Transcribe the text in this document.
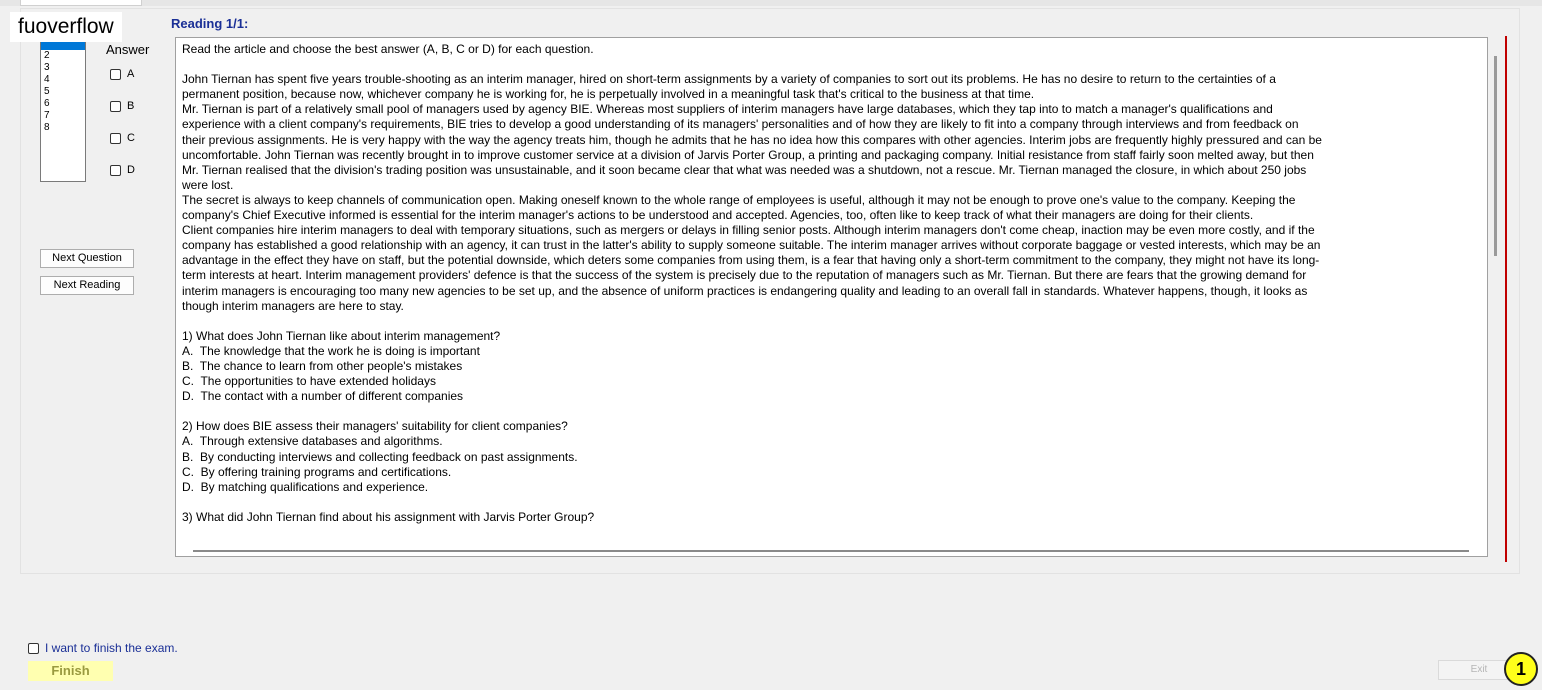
fuoverflow
Answer
2
3
4
5
6
7
8
A
B
C
D
Next Question
Next Reading
Reading 1/1:
Read the article and choose the best answer (A, B, C or D) for each question.

John Tiernan has spent five years trouble-shooting as an interim manager, hired on short-term assignments by a variety of companies to sort out its problems. He has no desire to return to the certainties of a permanent position, because now, whichever company he is working for, he is perpetually involved in a meaningful task that's critical to the business at that time.
Mr. Tiernan is part of a relatively small pool of managers used by agency BIE. Whereas most suppliers of interim managers have large databases, which they tap into to match a manager's qualifications and experience with a client company's requirements, BIE tries to develop a good understanding of its managers' personalities and of how they are likely to fit into a company through interviews and from feedback on their previous assignments. He is very happy with the way the agency treats him, though he admits that he has no idea how this compares with other agencies. Interim jobs are frequently highly pressured and can be uncomfortable. John Tiernan was recently brought in to improve customer service at a division of Jarvis Porter Group, a printing and packaging company. Initial resistance from staff fairly soon melted away, but then Mr. Tiernan realised that the division's trading position was unsustainable, and it soon became clear that what was needed was a shutdown, not a rescue. Mr. Tiernan managed the closure, in which about 250 jobs were lost.
The secret is always to keep channels of communication open. Making oneself known to the whole range of employees is useful, although it may not be enough to prove one's value to the company. Keeping the company's Chief Executive informed is essential for the interim manager's actions to be understood and accepted. Agencies, too, often like to keep track of what their managers are doing for their clients.
Client companies hire interim managers to deal with temporary situations, such as mergers or delays in filling senior posts. Although interim managers don't come cheap, inaction may be even more costly, and if the company has established a good relationship with an agency, it can trust in the latter's ability to supply someone suitable. The interim manager arrives without corporate baggage or vested interests, which may be an advantage in the effect they have on staff, but the potential downside, which deters some companies from using them, is a fear that having only a short-term commitment to the company, they might not have its long-term interests at heart. Interim management providers' defence is that the success of the system is precisely due to the reputation of managers such as Mr. Tiernan. But there are fears that the growing demand for interim managers is encouraging too many new agencies to be set up, and the absence of uniform practices is endangering quality and leading to an overall fall in standards. Whatever happens, though, it looks as though interim managers are here to stay.

1) What does John Tiernan like about interim management?
A.  The knowledge that the work he is doing is important
B.  The chance to learn from other people's mistakes
C.  The opportunities to have extended holidays
D.  The contact with a number of different companies

2) How does BIE assess their managers' suitability for client companies?
A.  Through extensive databases and algorithms.
B.  By conducting interviews and collecting feedback on past assignments.
C.  By offering training programs and certifications.
D.  By matching qualifications and experience.

3) What did John Tiernan find about his assignment with Jarvis Porter Group?
I want to finish the exam.
Finish	Exit	1
